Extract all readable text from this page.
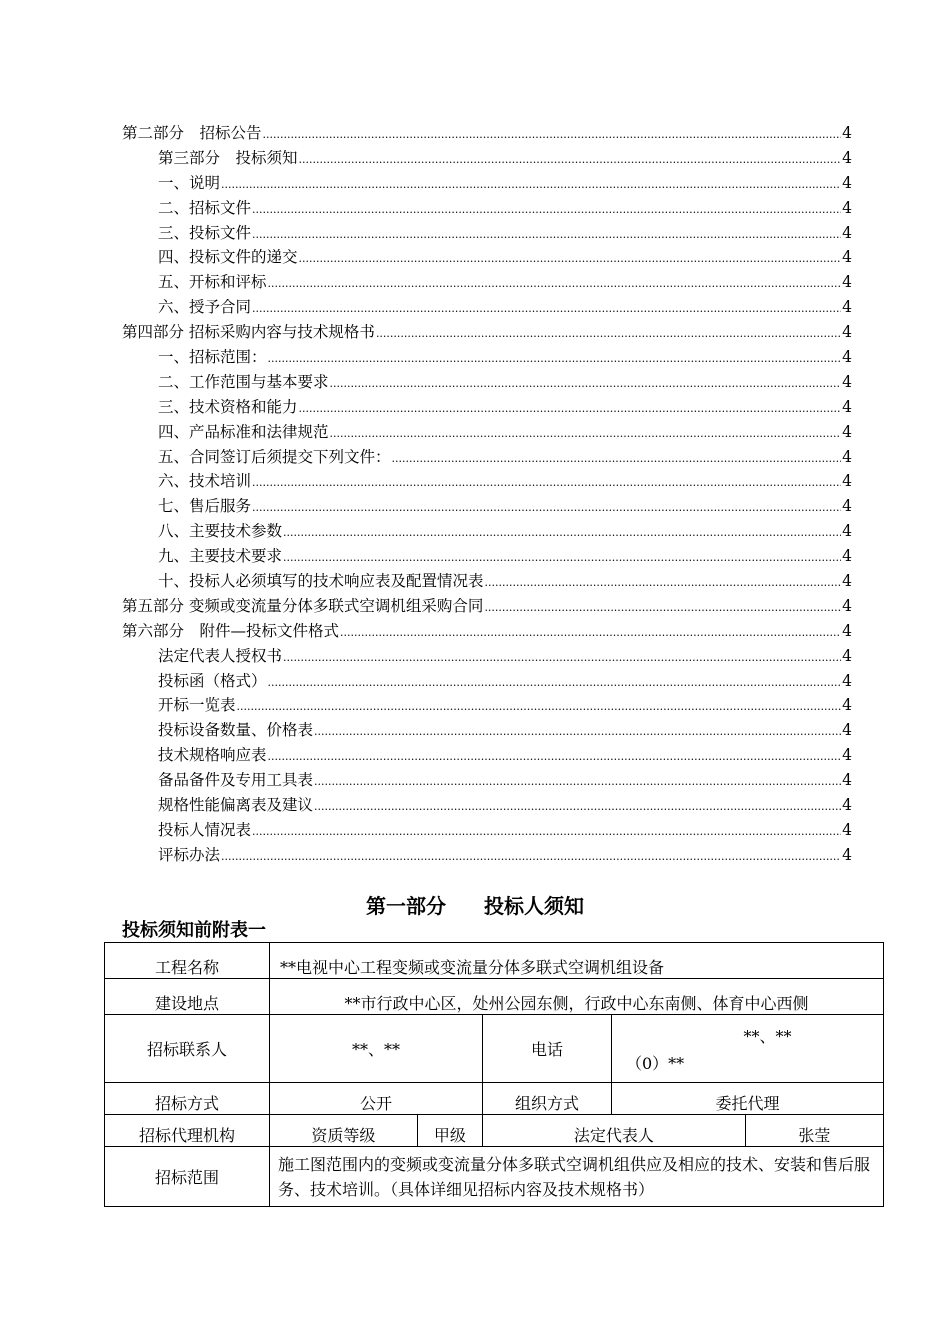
第二部分　招标公告 .....	4
第三部分　投标须知 .....	4
一、说明 .....	4
二、招标文件 .....	4
三、投标文件 .....	4
四、投标文件的递交 .....	4
五、开标和评标 .....	4
六、授予合同 .....	4
第四部分 招标采购内容与技术规格书 .....	4
一、招标范围： .....	4
二、工作范围与基本要求 .....	4
三、技术资格和能力 .....	4
四、产品标准和法律规范 .....	4
五、合同签订后须提交下列文件： .....	4
六、技术培训 .....	4
七、售后服务 .....	4
八、主要技术参数 .....	4
九、主要技术要求 .....	4
十、投标人必须填写的技术响应表及配置情况表 .....	4
第五部分 变频或变流量分体多联式空调机组采购合同 .....	4
第六部分　附件—投标文件格式 .....	4
法定代表人授权书 .....	4
投标函（格式） .....	4
开标一览表 .....	4
投标设备数量、价格表 .....	4
技术规格响应表 .....	4
备品备件及专用工具表 .....	4
规格性能偏离表及建议 .....	4
投标人情况表 .....	4
评标办法 .....	4
第一部分 投标人须知
投标须知前附表一
工程名称	**电视中心工程变频或变流量分体多联式空调机组设备				
建设地点	**市行政中心区，处州公园东侧，行政中心东南侧、体育中心西侧				
招标联系人	**、**		电话	**、**
（0）**	

招标方式	公开		组织方式	委托代理	
招标代理机构	资质等级	甲级	法定代表人		张莹
招标范围	施工图范围内的变频或变流量分体多联式空调机组供应及相应的技术、安装和售后服务、技术培训。（具体详细见招标内容及技术规格书）				
